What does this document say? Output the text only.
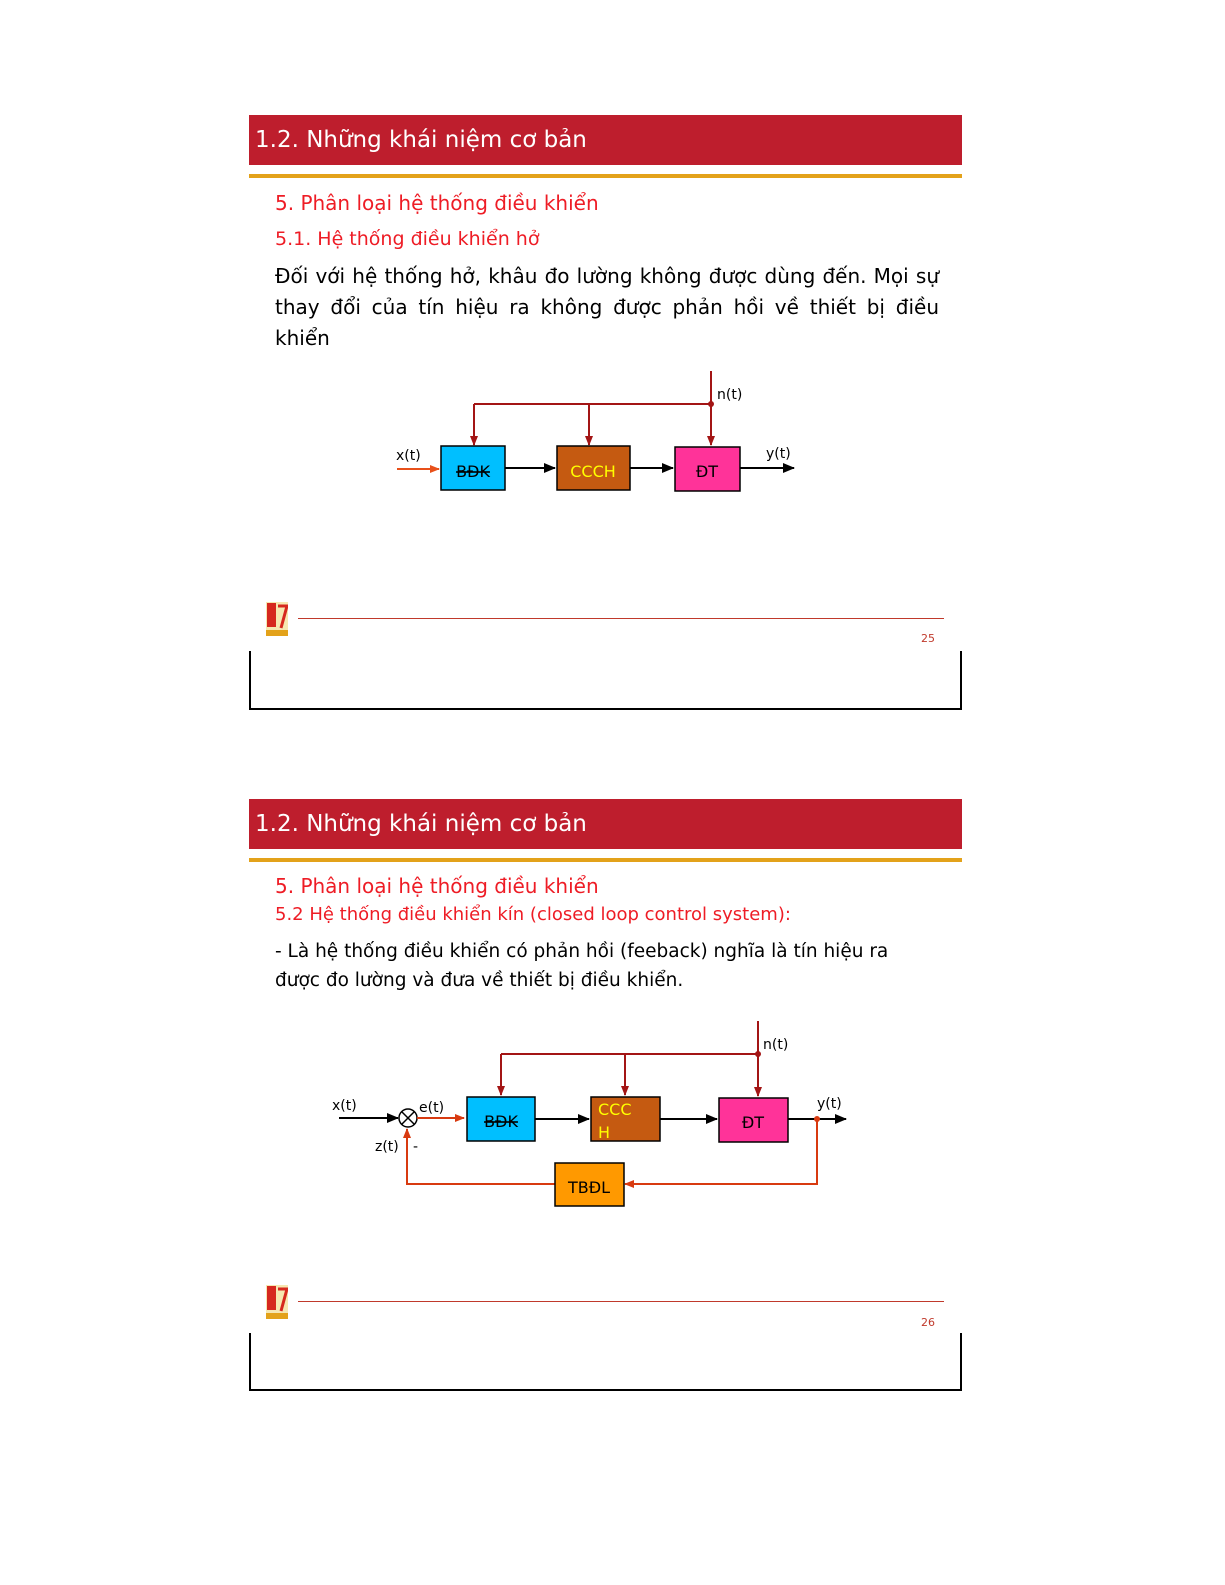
1.2. Những khái niệm cơ bản
5. Phân loại hệ thống điều khiển
5.1. Hệ thống điều khiển hở
Đối với hệ thống hở, khâu đo lường không được dùng đến. Mọi sự thay đổi của tín hiệu ra không được phản hồi về thiết bị điều khiển
BĐK	CCCH	ĐT
x(t)	y(t)
n(t)
25
1.2. Những khái niệm cơ bản
5. Phân loại hệ thống điều khiển
5.2 Hệ thống điều khiển kín (closed loop control system):
- Là hệ thống điều khiển có phản hồi (feeback) nghĩa là tín hiệu ra được đo lường và đưa về thiết bị điều khiển.
BĐK
CCC
H
ĐT
TBĐL
x(t)	e(t)
z(t) -
y(t)
n(t)
26
